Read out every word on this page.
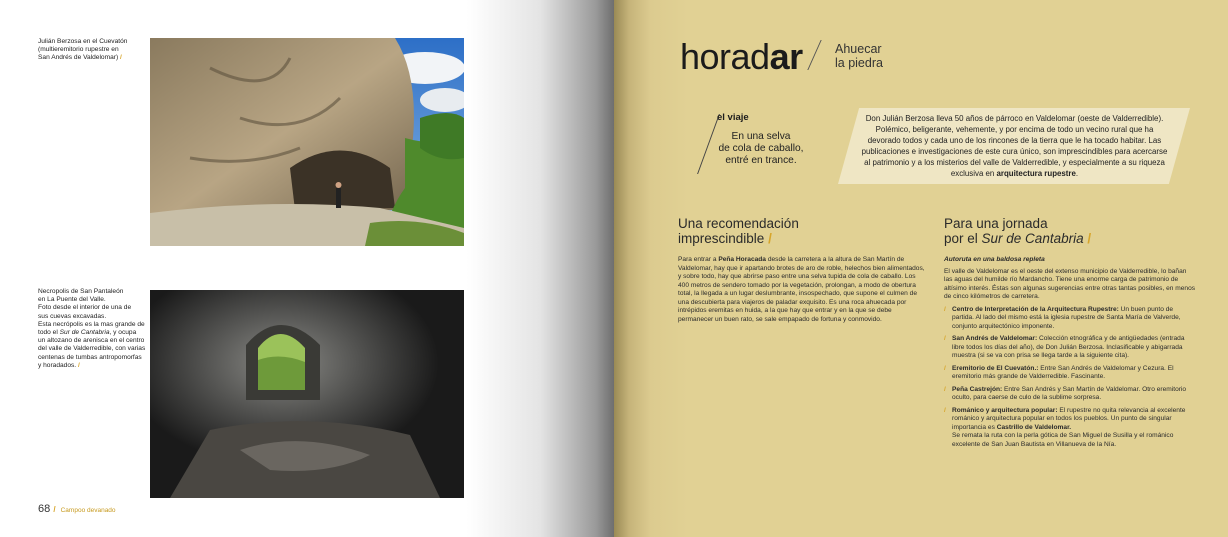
Julián Berzosa en el Cuevatón
(multieremitorio rupestre en
San Andrés de Valdelomar) /
Necropolis de San Pantaleón
en La Puente del Valle.
Foto desde el interior de una de
sus cuevas excavadas.
Esta necrópolis es la mas grande de
todo el Sur de Cantabria, y ocupa
un altozano de arenisca en el centro
del valle de Valderredible, con varias
centenas de tumbas antropomorfas
y horadados. /
68 / Campoo devanado
horadar	Ahuecar
la piedra
el viaje
En una selva
de cola de caballo,
entré en trance.
Don Julián Berzosa lleva 50 años de párroco en Valdelomar (oeste de Valderredible).
Polémico, beligerante, vehemente, y por encima de todo un vecino rural que ha
devorado todos y cada uno de los rincones de la tierra que le ha tocado habitar. Las
publicaciones e investigaciones de este cura único, son imprescindibles para acercarse
al patrimonio y a los misterios del valle de Valderredible, y especialmente a su riqueza
exclusiva en arquitectura rupestre.
Una recomendación
imprescindible /
Para entrar a Peña Horacada desde la carretera a la altura de San Martín de Valdelomar, hay que ir apartando brotes de aro de roble, helechos bien alimentados, y sobre todo, hay que abrirse paso entre una selva tupida de cola de caballo. Los 400 metros de sendero tomado por la vegetación, prolongan, a modo de obertura total, la llegada a un lugar deslumbrante, insospechado, que supone el culmen de una descubierta para viajeros de paladar exquisito. Es una roca ahuecada por intrépidos eremitas en huida, a la que hay que entrar y en la que se debe permanecer un buen rato, se sale empapado de fortuna y conmovido.
Para una jornada
por el Sur de Cantabria /
Autoruta en una baldosa repleta
El valle de Valdelomar es el oeste del extenso municipio de Valderredible, lo bañan las aguas del humilde río Mardancho. Tiene una enorme carga de patrimonio de altísimo interés. Éstas son algunas sugerencias entre otras tantas posibles, en menos de cinco kilómetros de carretera.
/ Centro de Interpretación de la Arquitectura Rupestre: Un buen punto de partida. Al lado del mismo está la iglesia rupestre de Santa María de Valverde, conjunto arquitectónico imponente.
/ San Andrés de Valdelomar: Colección etnográfica y de antigüedades (entrada libre todos los días del año), de Don Julián Berzosa. Inclasificable y abigarrada muestra (si se va con prisa se llega tarde a la siguiente cita).
/ Eremitorio de El Cuevatón.: Entre San Andrés de Valdelomar y Cezura. El eremitorio más grande de Valderredible. Fascinante.
/ Peña Castrejón: Entre San Andrés y San Martín de Valdelomar. Otro eremitorio oculto, para caerse de culo de la sublime sorpresa.
/ Románico y arquitectura popular: El rupestre no quita relevancia al excelente románico y arquitectura popular en todos los pueblos. Un punto de singular importancia es Castrillo de Valdelomar.
Se remata la ruta con la perla gótica de San Miguel de Susilla y el románico excelente de San Juan Bautista en Villanueva de la Nía.
